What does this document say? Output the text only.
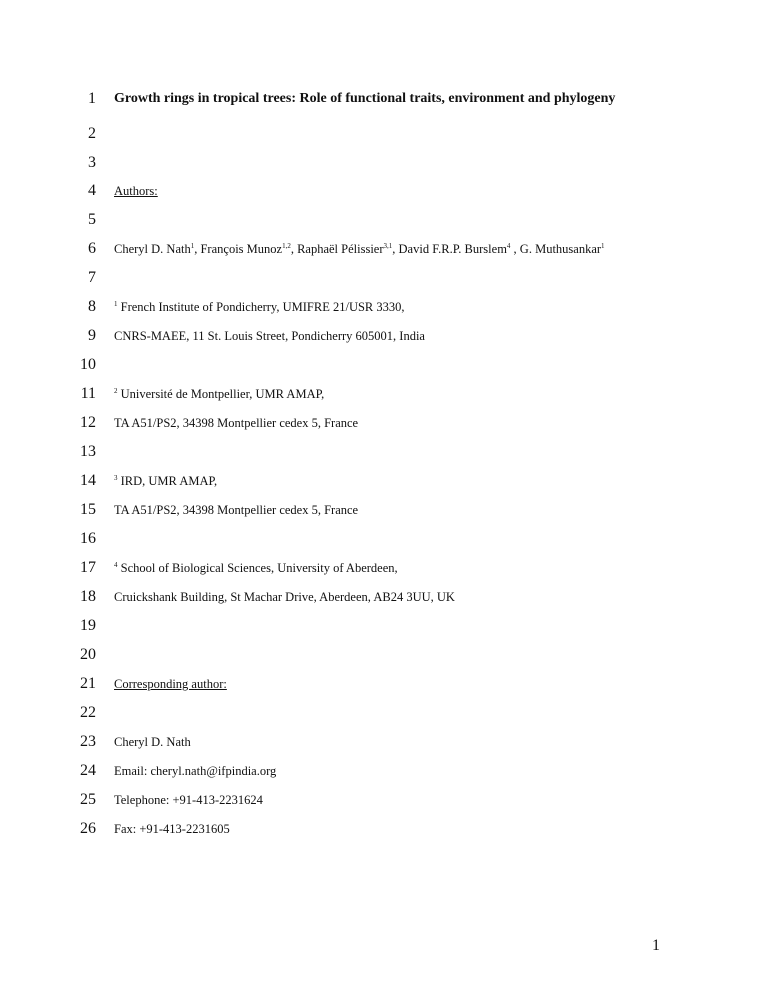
1 Growth rings in tropical trees: Role of functional traits, environment and phylogeny
2
3
4 Authors:
5
6 Cheryl D. Nath$^1$, François Munoz$^{1,2}$, Raphaël Pélissier$^{3,1}$, David F.R.P. Burslem$^4$ , G. Muthusankar$^1$
7
8	$^1$ French Institute of Pondicherry, UMIFRE 21/USR 3330,
9 CNRS-MAEE, 11 St. Louis Street, Pondicherry 605001, India
10
11	$^2$ Université de Montpellier, UMR AMAP,
12 TA A51/PS2, 34398 Montpellier cedex 5, France
13
14	$^3$ IRD, UMR AMAP,
15 TA A51/PS2, 34398 Montpellier cedex 5, France
16
17	$^4$ School of Biological Sciences, University of Aberdeen,
18 Cruickshank Building, St Machar Drive, Aberdeen, AB24 3UU, UK
19
20
21 Corresponding author:
22
23 Cheryl D. Nath
24 Email: cheryl.nath@ifpindia.org
25 Telephone: +91-413-2231624
26 Fax: +91-413-2231605
1
